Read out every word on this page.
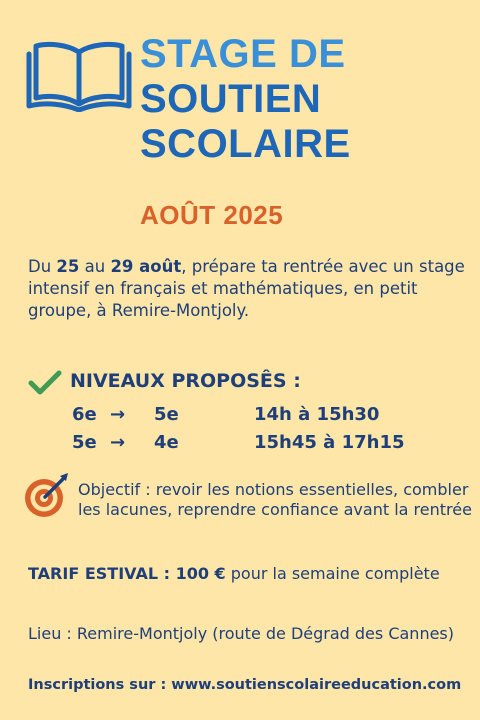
STAGE DE
SOUTIEN
SCOLAIRE
AOÛT 2025
Du 25 au 29 août, prépare ta rentrée avec un stage intensif en français et mathématiques, en petit groupe, à Remire-Montjoly.
NIVEAUX PROPOSÊS :
6e → 5e	14h à 15h30
5e → 4e	15h45 à 17h15
Objectif : revoir les notions essentielles, combler les lacunes, reprendre confiance avant la rentrée
TARIF ESTIVAL : 100 € pour la semaine complète
Lieu : Remire-Montjoly (route de Dégrad des Cannes)
Inscriptions sur : www.soutienscolaireeducation.com
